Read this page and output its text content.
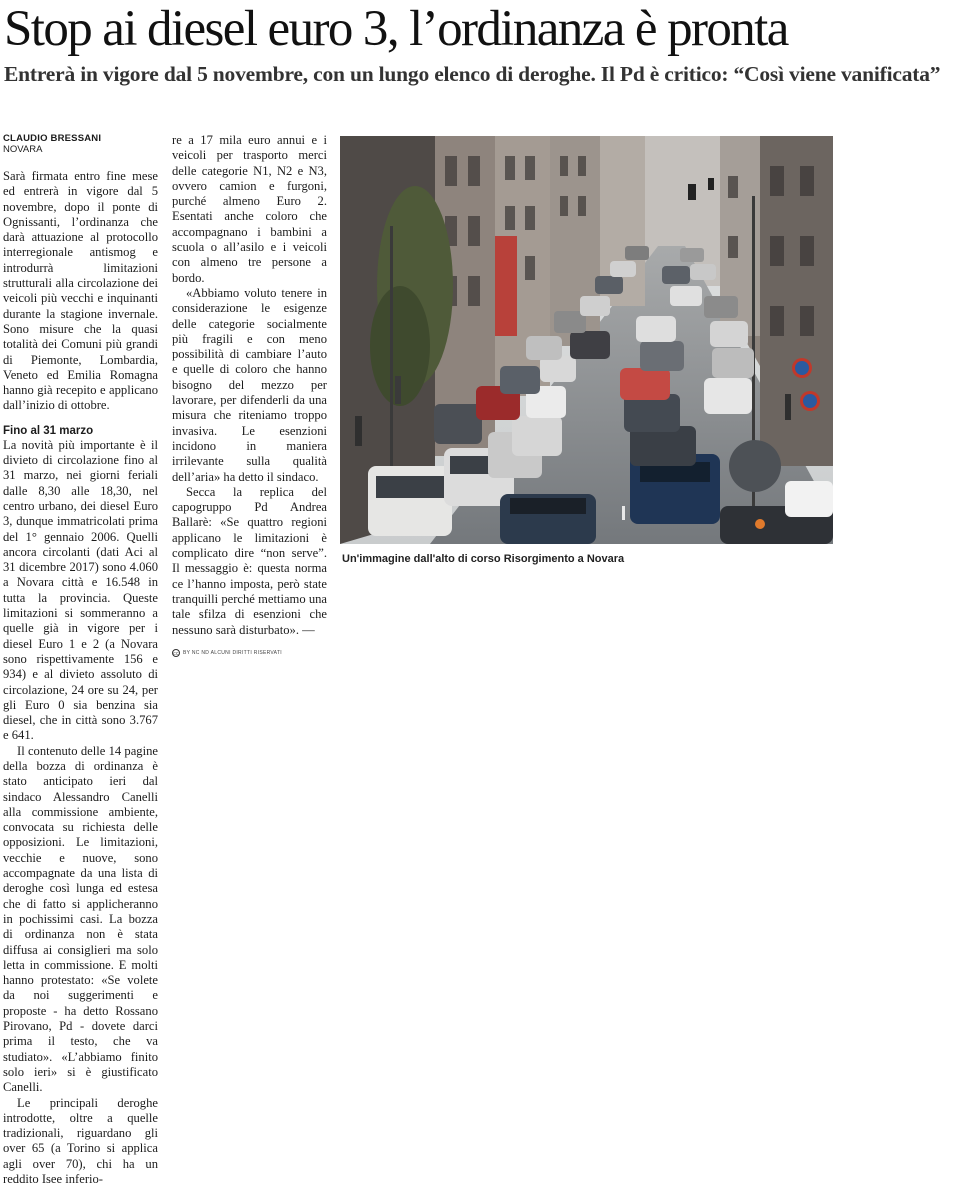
Stop ai diesel euro 3, l’ordinanza è pronta
Entrerà in vigore dal 5 novembre, con un lungo elenco di deroghe. Il Pd è critico: “Così viene vanificata”
CLAUDIO BRESSANI
NOVARA

Sarà firmata entro fine mese ed entrerà in vigore dal 5 novembre, dopo il ponte di Ognissanti, l’ordinanza che darà attuazione al protocollo interregionale antismog e introdurrà limitazioni strutturali alla circolazione dei veicoli più vecchi e inquinanti durante la stagione invernale. Sono misure che la quasi totalità dei Comuni più grandi di Piemonte, Lombardia, Veneto ed Emilia Romagna hanno già recepito e applicano dall’inizio di ottobre.

Fino al 31 marzo

La novità più importante è il divieto di circolazione fino al 31 marzo, nei giorni feriali dalle 8,30 alle 18,30, nel centro urbano, dei diesel Euro 3, dunque immatricolati prima del 1° gennaio 2006. Quelli ancora circolanti (dati Aci al 31 dicembre 2017) sono 4.060 a Novara città e 16.548 in tutta la provincia. Queste limitazioni si sommeranno a quelle già in vigore per i diesel Euro 1 e 2 (a Novara sono rispettivamente 156 e 934) e al divieto assoluto di circolazione, 24 ore su 24, per gli Euro 0 sia benzina sia diesel, che in città sono 3.767 e 641.

Il contenuto delle 14 pagine della bozza di ordinanza è stato anticipato ieri dal sindaco Alessandro Canelli alla commissione ambiente, convocata su richiesta delle opposizioni. Le limitazioni, vecchie e nuove, sono accompagnate da una lista di deroghe così lunga ed estesa che di fatto si applicheranno in pochissimi casi. La bozza di ordinanza non è stata diffusa ai consiglieri ma solo letta in commissione. E molti hanno protestato: «Se volete da noi suggerimenti e proposte - ha detto Rossano Pirovano, Pd - dovete darci prima il testo, che va studiato». «L’abbiamo finito solo ieri» si è giustificato Canelli.

Le principali deroghe introdotte, oltre a quelle tradizionali, riguardano gli over 65 (a Torino si applica agli over 70), chi ha un reddito Isee inferio-

re a 17 mila euro annui e i veicoli per trasporto merci delle categorie N1, N2 e N3, ovvero camion e furgoni, purché almeno Euro 2. Esentati anche coloro che accompagnano i bambini a scuola o all’asilo e i veicoli con almeno tre persone a bordo.

«Abbiamo voluto tenere in considerazione le esigenze delle categorie socialmente più fragili e con meno possibilità di cambiare l’auto e quelle di coloro che hanno bisogno del mezzo per lavorare, per difenderli da una misura che riteniamo troppo invasiva. Le esenzioni incidono in maniera irrilevante sulla qualità dell’aria» ha detto il sindaco.

Secca la replica del capogruppo Pd Andrea Ballarè: «Se quattro regioni applicano le limitazioni è complicato dire “non serve”. Il messaggio è: questa norma ce l’hanno imposta, però state tranquilli perché mettiamo una tale sfilza di esenzioni che nessuno sarà disturbato». —

cc BY NC ND ALCUNI DIRITTI RISERVATI

Un'immagine dall'alto di corso Risorgimento a Novara
